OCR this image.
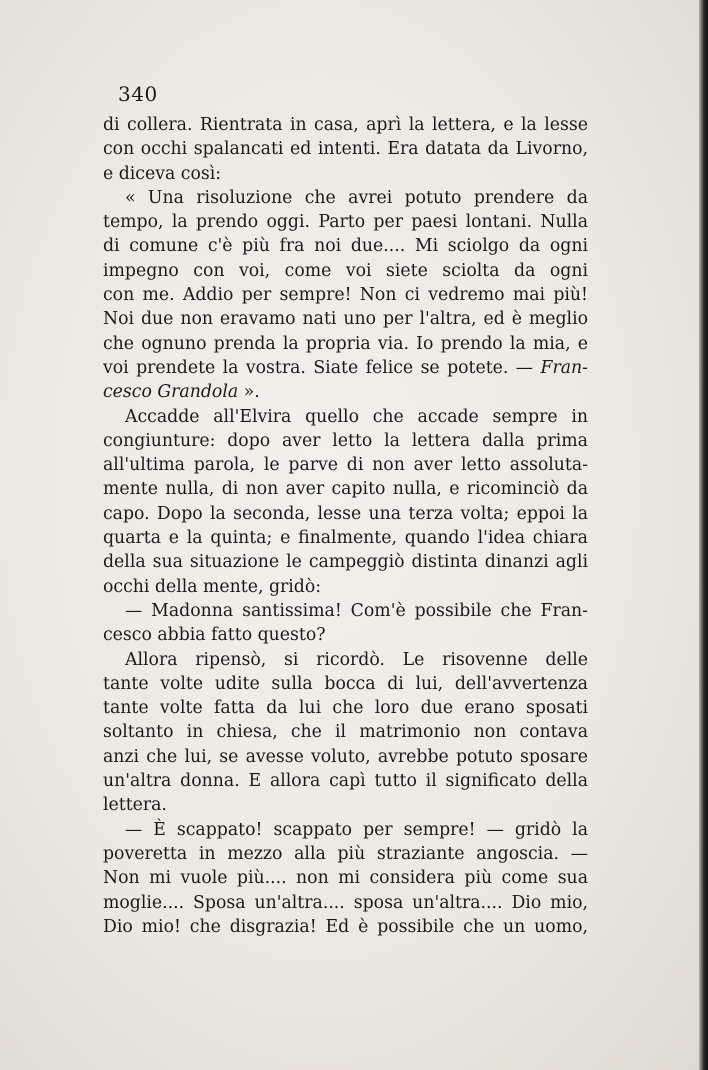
340
di collera. Rientrata in casa, aprì la lettera, e la lesse
con occhi spalancati ed intenti. Era datata da Livorno,
e diceva così:
« Una risoluzione che avrei potuto prendere da
tempo, la prendo oggi. Parto per paesi lontani. Nulla
di comune c'è più fra noi due.... Mi sciolgo da ogni
impegno con voi, come voi siete sciolta da ogni
con me. Addio per sempre! Non ci vedremo mai più!
Noi due non eravamo nati uno per l'altra, ed è meglio
che ognuno prenda la propria via. Io prendo la mia, e
voi prendete la vostra. Siate felice se potete. — Fran-
cesco Grandola ».
Accadde all'Elvira quello che accade sempre in
congiunture: dopo aver letto la lettera dalla prima
all'ultima parola, le parve di non aver letto assoluta-
mente nulla, di non aver capito nulla, e ricominciò da
capo. Dopo la seconda, lesse una terza volta; eppoi la
quarta e la quinta; e finalmente, quando l'idea chiara
della sua situazione le campeggiò distinta dinanzi agli
occhi della mente, gridò:
— Madonna santissima! Com'è possibile che Fran-
cesco abbia fatto questo?
Allora ripensò, si ricordò. Le risovenne delle
tante volte udite sulla bocca di lui, dell'avvertenza
tante volte fatta da lui che loro due erano sposati
soltanto in chiesa, che il matrimonio non contava
anzi che lui, se avesse voluto, avrebbe potuto sposare
un'altra donna. E allora capì tutto il significato della
lettera.
— È scappato! scappato per sempre! — gridò la
poveretta in mezzo alla più straziante angoscia. —
Non mi vuole più.... non mi considera più come sua
moglie.... Sposa un'altra.... sposa un'altra.... Dio mio,
Dio mio! che disgrazia! Ed è possibile che un uomo,
